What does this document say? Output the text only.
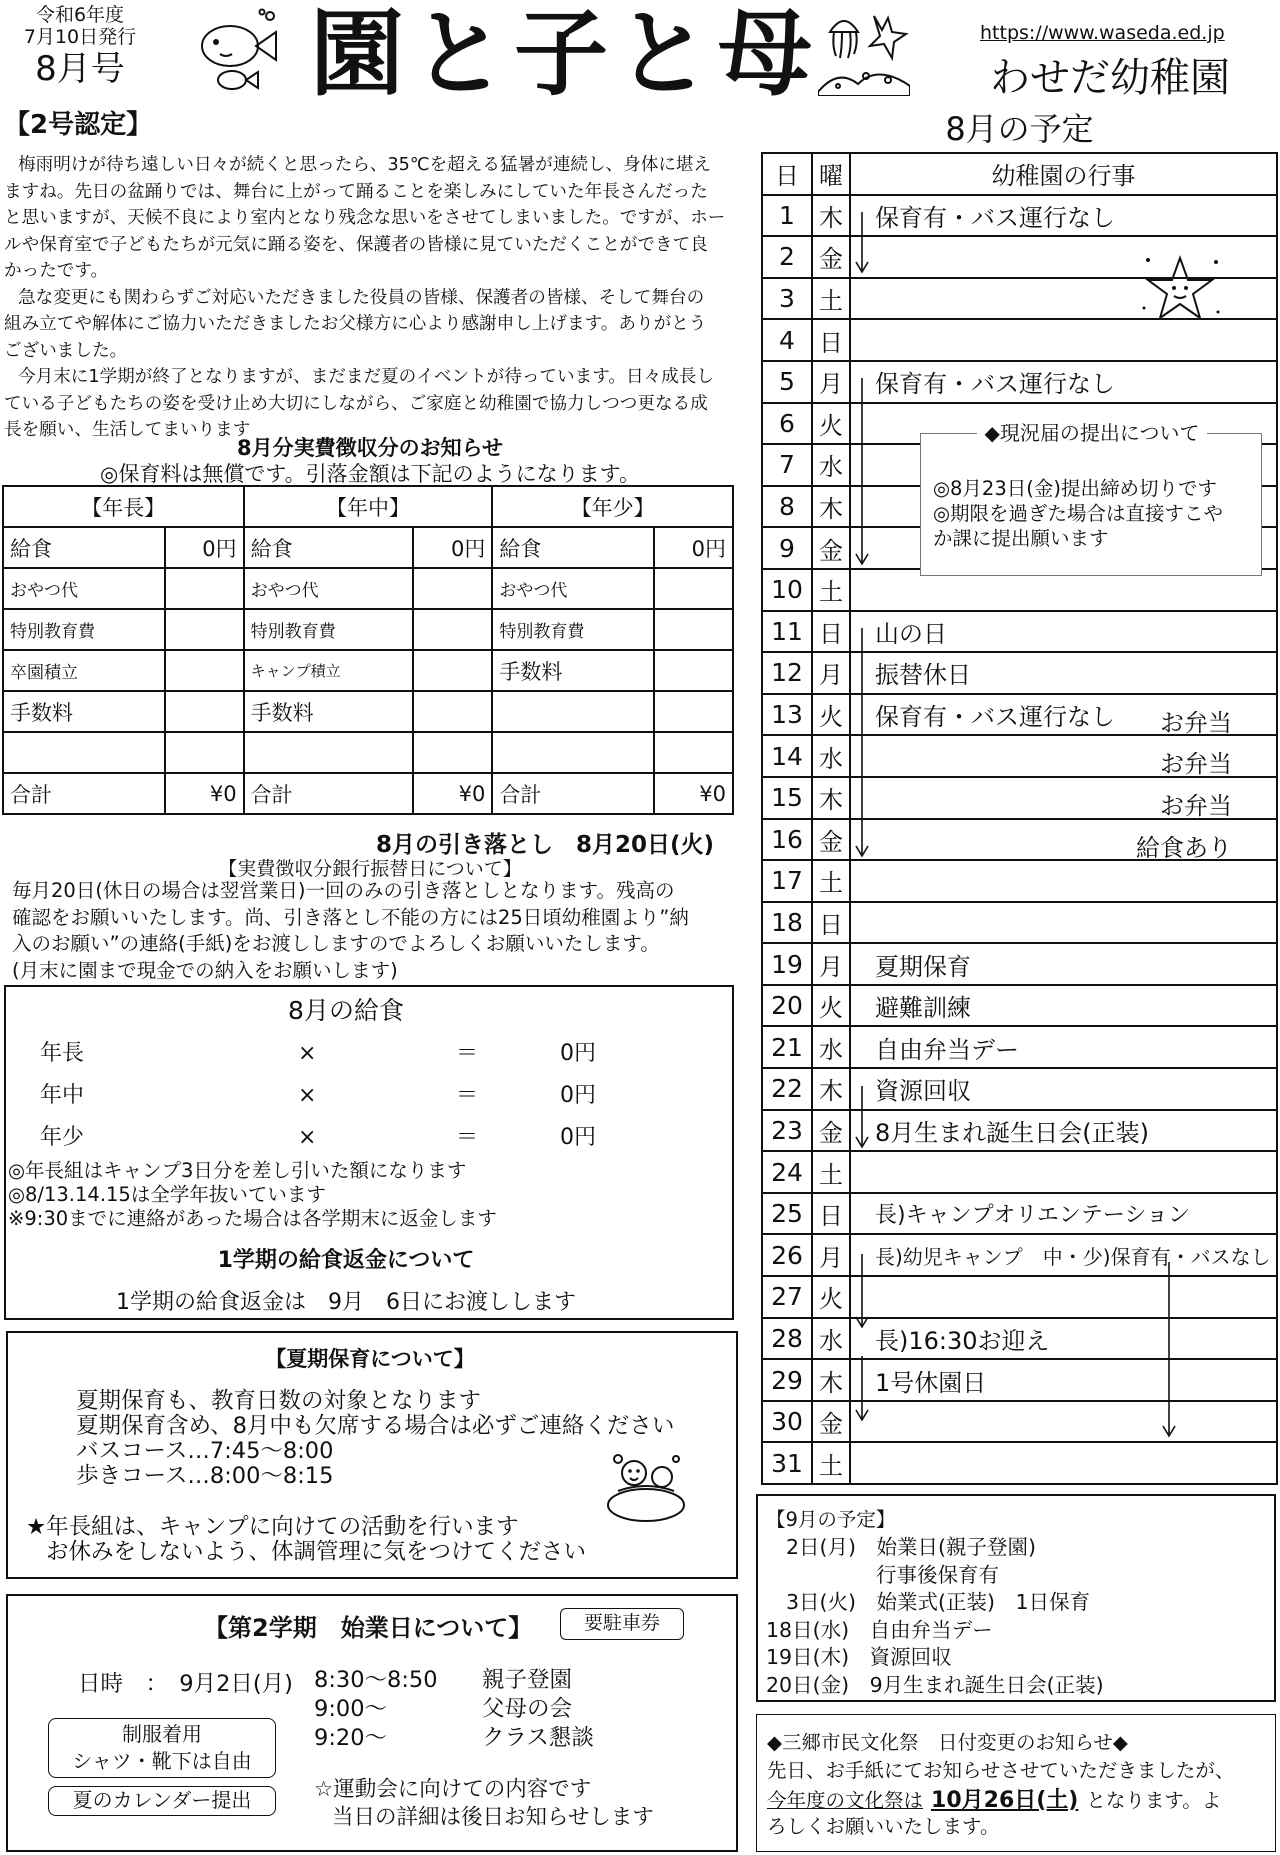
令和6年度
7月10日発行
8月号
【2号認定】
園と子と母	https://www.waseda.ed.jp
わせだ幼稚園
梅雨明けが待ち遠しい日々が続くと思ったら、35℃を超える猛暑が連続し、身体に堪え
ますね。先日の盆踊りでは、舞台に上がって踊ることを楽しみにしていた年長さんだった
と思いますが、天候不良により室内となり残念な思いをさせてしまいました。ですが、ホー
ルや保育室で子どもたちが元気に踊る姿を、保護者の皆様に見ていただくことができて良
かったです。
急な変更にも関わらずご対応いただきました役員の皆様、保護者の皆様、そして舞台の
組み立てや解体にご協力いただきましたお父様方に心より感謝申し上げます。ありがとう
ございました。
今月末に1学期が終了となりますが、まだまだ夏のイベントが待っています。日々成長し
ている子どもたちの姿を受け止め大切にしながら、ご家庭と幼稚園で協力しつつ更なる成
長を願い、生活してまいります
8月分実費徴収分のお知らせ
◎保育料は無償です。引落金額は下記のようになります。
【年長】		【年中】		【年少】	
給食	0円	給食	0円	給食	0円
おやつ代		おやつ代		おやつ代	
特別教育費		特別教育費		特別教育費	
卒園積立		キャンプ積立		手数料	
手数料		手数料			

合計	¥0	合計	¥0	合計	¥0
8月の引き落とし　8月20日(火)
【実費徴収分銀行振替日について】
毎月20日(休日の場合は翌営業日)一回のみの引き落としとなります。残高の
確認をお願いいたします。尚、引き落とし不能の方には25日頃幼稚園より”納
入のお願い”の連絡(手紙)をお渡ししますのでよろしくお願いいたします。
(月末に園まで現金での納入をお願いします)
8月の給食
年長	×	＝	0円
年中	×	＝	0円
年少	×	＝	0円
◎年長組はキャンプ3日分を差し引いた額になります
◎8/13.14.15は全学年抜いています
※9:30までに連絡があった場合は各学期末に返金します
1学期の給食返金について
1学期の給食返金は　9月　6日にお渡しします
【夏期保育について】
夏期保育も、教育日数の対象となります
夏期保育含め、8月中も欠席する場合は必ずご連絡ください
バスコース…7:45～8:00
歩きコース…8:00～8:15
★年長組は、キャンプに向けての活動を行います
お休みをしないよう、体調管理に気をつけてください
【第2学期　始業日について】	要駐車券
日時　：　9月2日(月) 8:30～8:50 親子登園
9:00～	父母の会
9:20～	クラス懇談
制服着用
シャツ・靴下は自由
夏のカレンダー提出	☆運動会に向けての内容です
当日の詳細は後日お知らせします
8月の予定
日	曜	幼稚園の行事
1	木	保育有・バス運行なし

2	金	

3	土	

4	日	

5	月	保育有・バス運行なし

6	火	

7	水	

8	木	

9	金	

10	土	

11	日	山の日

12	月	振替休日

13	火	保育有・バス運行なし お弁当

14	水	お弁当

15	木	お弁当

16	金	給食あり

17	土	

18	日	

19	月	夏期保育

20	火	避難訓練

21	水	自由弁当デー

22	木	資源回収

23	金	8月生まれ誕生日会(正装)

24	土	

25	日	長)キャンプオリエンテーション

26	月	長)幼児キャンプ　中・少)保育有・バスなし

27	火	

28	水	長)16:30お迎え

29	木	1号休園日

30	金	

31	土	
◆現況届の提出について
◎8月23日(金)提出締め切りです
◎期限を過ぎた場合は直接すこや
か課に提出願います
【9月の予定】
2日(月)　始業日(親子登園)
行事後保育有
3日(火)　始業式(正装)　1日保育
18日(水)　自由弁当デー
19日(木)　資源回収
20日(金)　9月生まれ誕生日会(正装)
◆三郷市民文化祭　日付変更のお知らせ◆
先日、お手紙にてお知らせさせていただきましたが、
今年度の文化祭は 10月26日(土) となります。よ
ろしくお願いいたします。
